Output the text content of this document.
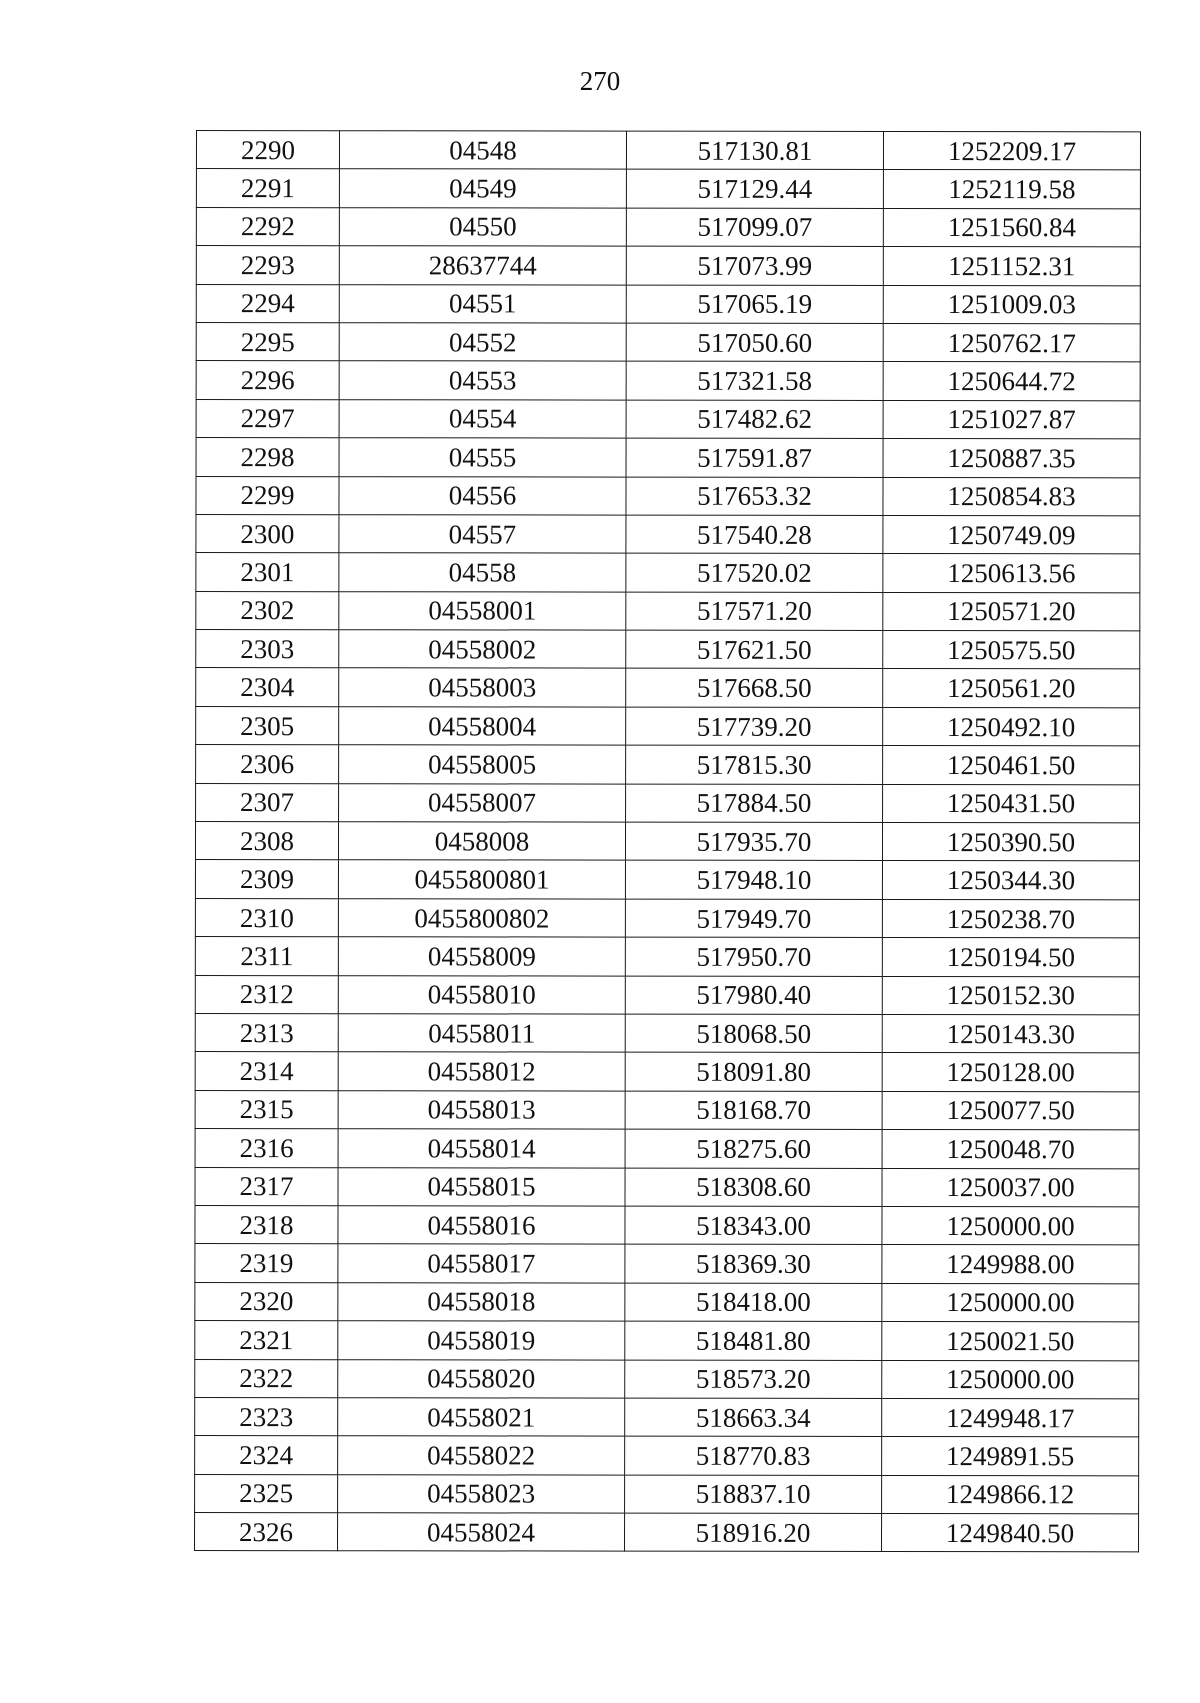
270
2290	04548	517130.81	1252209.17
2291	04549	517129.44	1252119.58
2292	04550	517099.07	1251560.84
2293	28637744	517073.99	1251152.31
2294	04551	517065.19	1251009.03
2295	04552	517050.60	1250762.17
2296	04553	517321.58	1250644.72
2297	04554	517482.62	1251027.87
2298	04555	517591.87	1250887.35
2299	04556	517653.32	1250854.83
2300	04557	517540.28	1250749.09
2301	04558	517520.02	1250613.56
2302	04558001	517571.20	1250571.20
2303	04558002	517621.50	1250575.50
2304	04558003	517668.50	1250561.20
2305	04558004	517739.20	1250492.10
2306	04558005	517815.30	1250461.50
2307	04558007	517884.50	1250431.50
2308	0458008	517935.70	1250390.50
2309	0455800801	517948.10	1250344.30
2310	0455800802	517949.70	1250238.70
2311	04558009	517950.70	1250194.50
2312	04558010	517980.40	1250152.30
2313	04558011	518068.50	1250143.30
2314	04558012	518091.80	1250128.00
2315	04558013	518168.70	1250077.50
2316	04558014	518275.60	1250048.70
2317	04558015	518308.60	1250037.00
2318	04558016	518343.00	1250000.00
2319	04558017	518369.30	1249988.00
2320	04558018	518418.00	1250000.00
2321	04558019	518481.80	1250021.50
2322	04558020	518573.20	1250000.00
2323	04558021	518663.34	1249948.17
2324	04558022	518770.83	1249891.55
2325	04558023	518837.10	1249866.12
2326	04558024	518916.20	1249840.50
